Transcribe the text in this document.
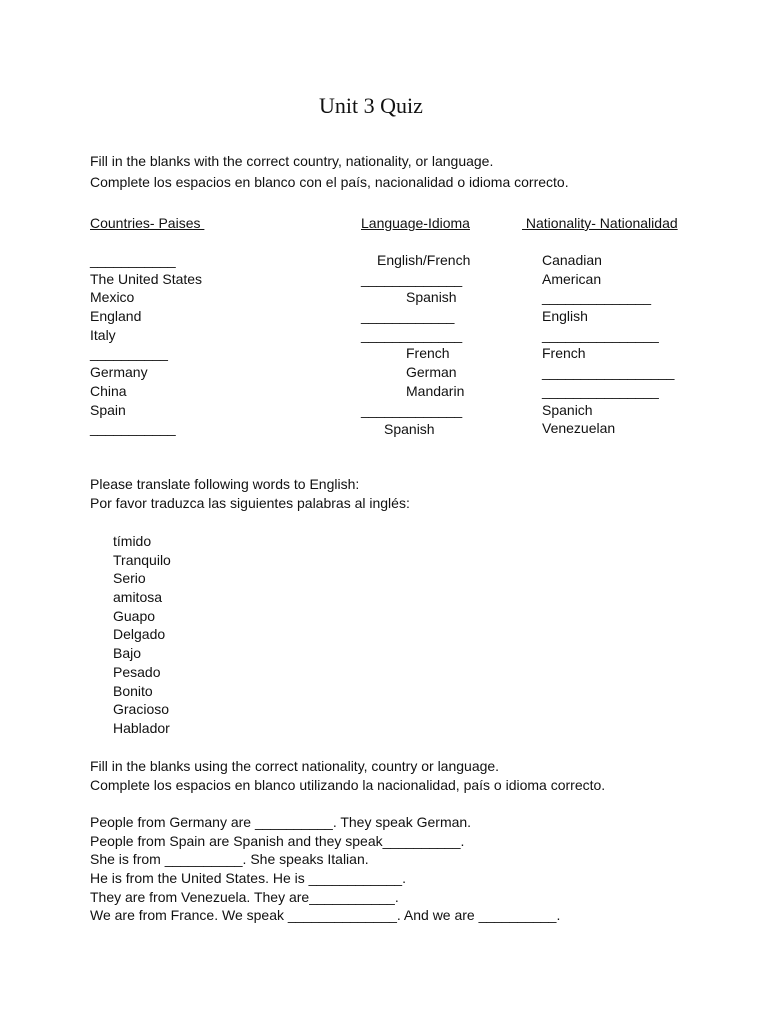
Unit 3 Quiz
Fill in the blanks with the correct country, nationality, or language.
Complete los espacios en blanco con el país, nacionalidad o idioma correcto.
Countries- Paises	Language-Idioma	Nationality- Nationalidad
___________
The United States
Mexico
England
Italy
__________
Germany
China
Spain
___________
English/French
_____________
Spanish
____________
_____________
French
German
Mandarin
_____________
Spanish
Canadian
American
______________
English
_______________
French
_________________
_______________
Spanich
Venezuelan
Please translate following words to English:
Por favor traduzca las siguientes palabras al inglés:
tímido
Tranquilo
Serio
amitosa
Guapo
Delgado
Bajo
Pesado
Bonito
Gracioso
Hablador
Fill in the blanks using the correct nationality, country or language.
Complete los espacios en blanco utilizando la nacionalidad, país o idioma correcto.
People from Germany are __________. They speak German.
People from Spain are Spanish and they speak__________.
She is from __________. She speaks Italian.
He is from the United States. He is ____________.
They are from Venezuela. They are___________.
We are from France. We speak ______________. And we are __________.
